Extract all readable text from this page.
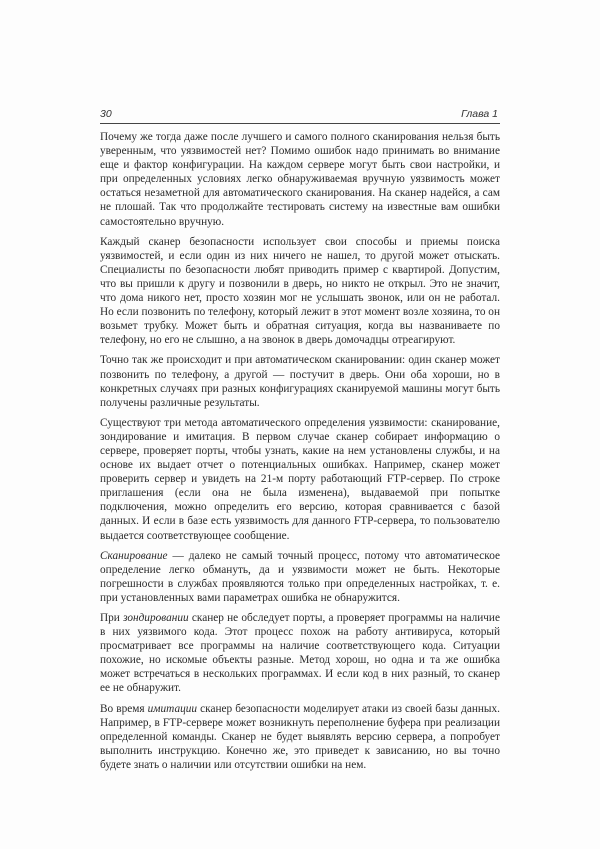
30	Глава 1

Почему же тогда даже после лучшего и самого полного сканирования нельзя быть уверенным, что уязвимостей нет? Помимо ошибок надо принимать во внимание еще и фактор конфигурации. На каждом сервере могут быть свои настройки, и при определенных условиях легко обнаруживаемая вручную уязвимость может остаться незаметной для автоматического сканирования. На сканер надейся, а сам не плошай. Так что продолжайте тестировать систему на известные вам ошибки самостоятельно вручную.

Каждый сканер безопасности использует свои способы и приемы поиска уязвимостей, и если один из них ничего не нашел, то другой может отыскать. Специалисты по безопасности любят приводить пример с квартирой. Допустим, что вы пришли к другу и позвонили в дверь, но никто не открыл. Это не значит, что дома никого нет, просто хозяин мог не услышать звонок, или он не работал. Но если позвонить по телефону, который лежит в этот момент возле хозяина, то он возьмет трубку. Может быть и обратная ситуация, когда вы названиваете по телефону, но его не слышно, а на звонок в дверь домочадцы отреагируют.

Точно так же происходит и при автоматическом сканировании: один сканер может позвонить по телефону, а другой — постучит в дверь. Они оба хороши, но в конкретных случаях при разных конфигурациях сканируемой машины могут быть получены различные результаты.

Существуют три метода автоматического определения уязвимости: сканирование, зондирование и имитация. В первом случае сканер собирает информацию о сервере, проверяет порты, чтобы узнать, какие на нем установлены службы, и на основе их выдает отчет о потенциальных ошибках. Например, сканер может проверить сервер и увидеть на 21-м порту работающий FTP-сервер. По строке приглашения (если она не была изменена), выдаваемой при попытке подключения, можно определить его версию, которая сравнивается с базой данных. И если в базе есть уязвимость для данного FTP-сервера, то пользователю выдается соответствующее сообщение.

Сканирование — далеко не самый точный процесс, потому что автоматическое определение легко обмануть, да и уязвимости может не быть. Некоторые погрешности в службах проявляются только при определенных настройках, т. е. при установленных вами параметрах ошибка не обнаружится.

При зондировании сканер не обследует порты, а проверяет программы на наличие в них уязвимого кода. Этот процесс похож на работу антивируса, который просматривает все программы на наличие соответствующего кода. Ситуации похожие, но искомые объекты разные. Метод хорош, но одна и та же ошибка может встречаться в нескольких программах. И если код в них разный, то сканер ее не обнаружит.

Во время имитации сканер безопасности моделирует атаки из своей базы данных. Например, в FTP-сервере может возникнуть переполнение буфера при реализации определенной команды. Сканер не будет выявлять версию сервера, а попробует выполнить инструкцию. Конечно же, это приведет к зависанию, но вы точно будете знать о наличии или отсутствии ошибки на нем.
